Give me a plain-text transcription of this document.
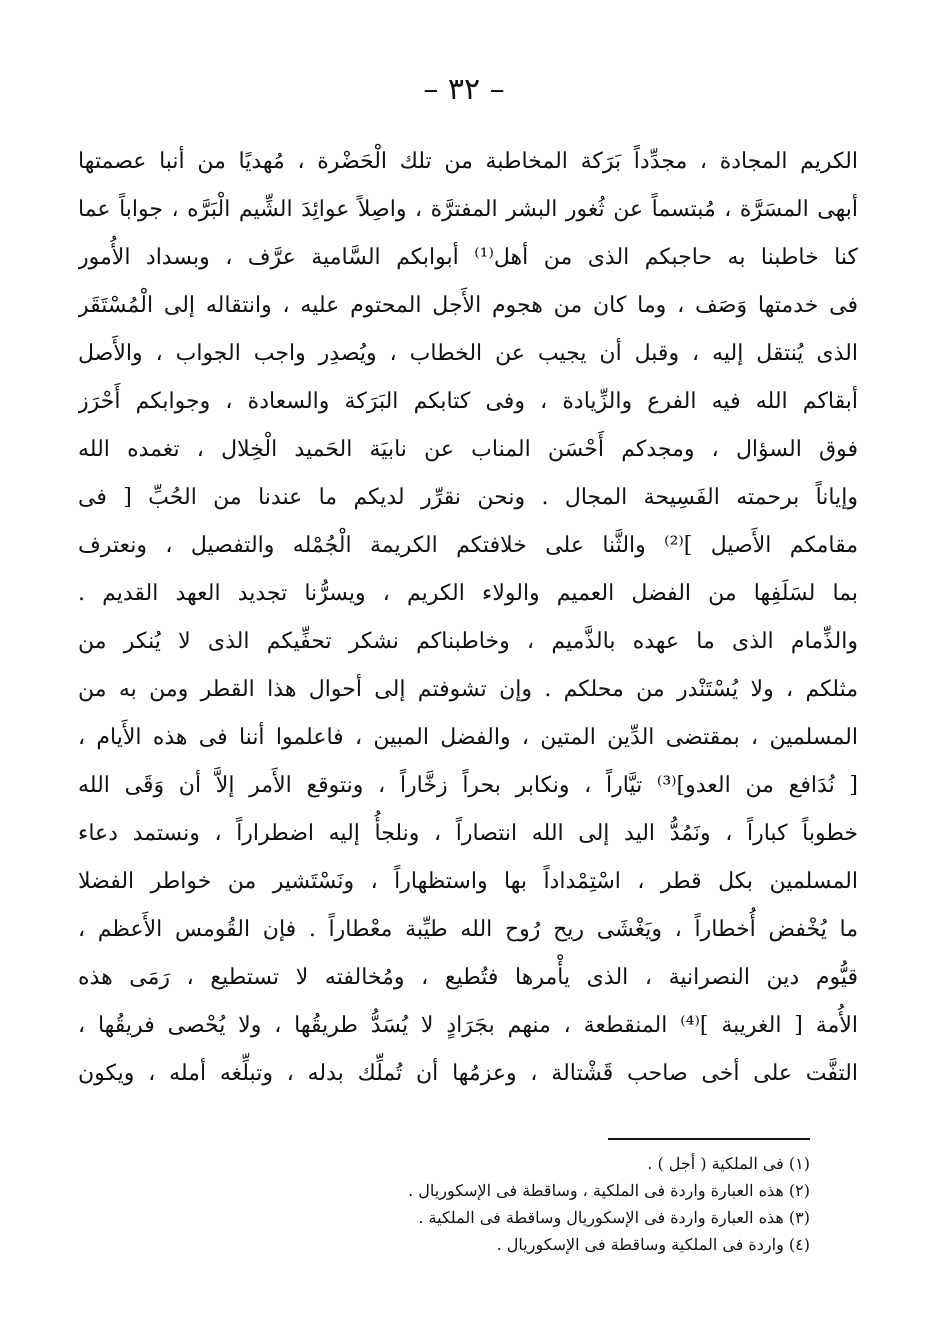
– ٣٢ –
الكريم المجادة ، مجدِّداً بَرَكة المخاطبة من تلك الْحَضْرة ، مُهديًا من أنبا عصمتها
أبهى المسَرَّة ، مُبتسماً عن ثُغور البشر المفترَّة ، واصِلاً عوائِدَ الشِّيم الْبَرَّه ، جواباً عما
كنا خاطبنا به حاجبكم الذى من أهل⁽¹⁾ أبوابكم السَّامية عرَّف ، وبسداد الأُمور
فى خدمتها وَصَف ، وما كان من هجوم الأَجل المحتوم عليه ، وانتقاله إلى الْمُسْتَقَر
الذى يُنتقل إليه ، وقبل أن يجيب عن الخطاب ، ويُصدِر واجب الجواب ، والأَصل
أبقاكم الله فيه الفرع والزِّيادة ، وفى كتابكم البَرَكة والسعادة ، وجوابكم أَحْرَز
فوق السؤال ، ومجدكم أَحْسَن المناب عن نابيَة الحَميد الْخِلال ، تغمده الله
وإياناً برحمته الفَسِيحة المجال . ونحن نقرِّر لديكم ما عندنا من الحُبِّ [ فى
مقامكم الأَصيل ]⁽²⁾ والثَّنا على خلافتكم الكريمة الْجُمْله والتفصيل ، ونعترف
بما لسَلَفِها من الفضل العميم والولاء الكريم ، ويسرُّنا تجديد العهد القديم .
والذِّمام الذى ما عهده بالذَّميم ، وخاطبناكم نشكر تحفِّيكم الذى لا يُنكر من
مثلكم ، ولا يُسْتَنْدر من محلكم . وإن تشوفتم إلى أحوال هذا القطر ومن به من
المسلمين ، بمقتضى الدِّين المتين ، والفضل المبين ، فاعلموا أننا فى هذه الأَيام ،
[ نُدَافع من العدو]⁽³⁾ تيَّاراً ، ونكابر بحراً زخَّاراً ، ونتوقع الأَمر إلاَّ أن وَقَى الله
خطوباً كباراً ، ونَمُدُّ اليد إلى الله انتصاراً ، ونلجأُ إليه اضطراراً ، ونستمد دعاء
المسلمين بكل قطر ، اسْتِمْداداً بها واستظهاراً ، ونَسْتَشير من خواطر الفضلا
ما يُخْفض أُخطاراً ، ويَغْشَى ريح رُوح الله طيِّبة معْطاراً . فإن القُومس الأَعظم ،
قيُّوم دين النصرانية ، الذى يأْمرها فتُطيع ، ومُخالفته لا تستطيع ، رَمَى هذه
الأُمة [ الغريبة ]⁽⁴⁾ المنقطعة ، منهم بجَرَادٍ لا يُسَدُّ طريقُها ، ولا يُحْصى فريقُها ،
التفَّت على أخى صاحب قَشْتالة ، وعزمُها أن تُملِّك بدله ، وتبلِّغه أمله ، ويكون
(١) فى الملكية ( أجل ) .
(٢) هذه العبارة واردة فى الملكية ، وساقطة فى الإسكوريال .
(٣) هذه العبارة واردة فى الإسكوريال وساقطة فى الملكية .
(٤) واردة فى الملكية وساقطة فى الإسكوريال .
